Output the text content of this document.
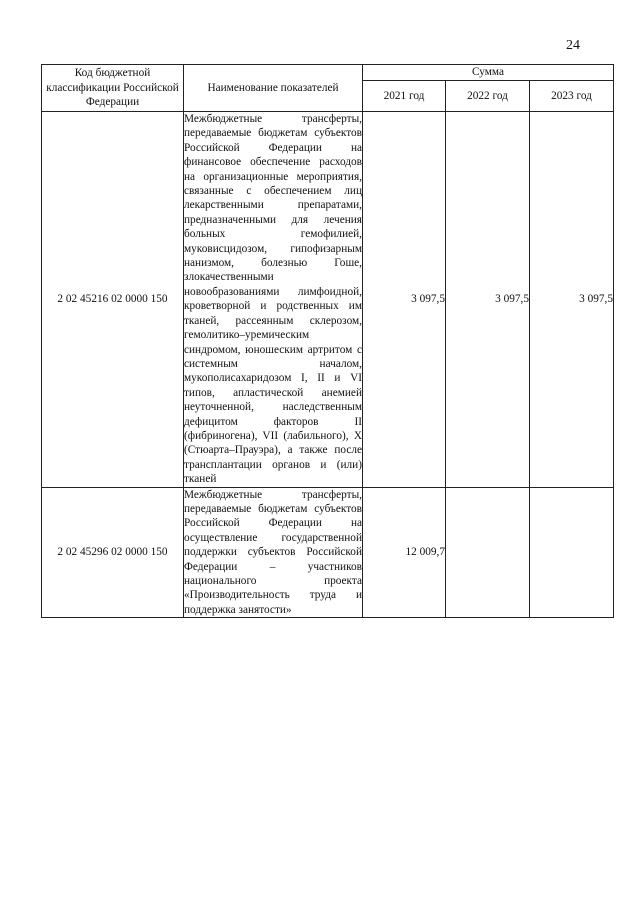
24
Код бюджетной классификации Российской Федерации	Наименование показателей	Сумма		
		2021 год	2022 год	2023 год
2 02 45216 02 0000 150	Межбюджетные трансферты, передаваемые бюджетам субъектов Российской Федерации на финансовое обеспечение расходов на организационные мероприятия, связанные с обеспечением лиц лекарственными препаратами, предназначенными для лечения больных гемофилией, муковисцидозом, гипофизарным нанизмом, болезнью Гоше, злокачественными новообразованиями лимфоидной, кроветворной и родственных им тканей, рассеянным склерозом, гемолитико–уремическим синдромом, юношеским артритом с системным началом, мукополисахаридозом I, II и VI типов, апластической анемией неуточненной, наследственным дефицитом факторов II (фибриногена), VII (лабильного), X (Стюарта–Прауэра), а также после трансплантации органов и (или) тканей	3 097,5	3 097,5	3 097,5
2 02 45296 02 0000 150	Межбюджетные трансферты, передаваемые бюджетам субъектов Российской Федерации на осуществление государственной поддержки субъектов Российской Федерации – участников национального проекта «Производительность труда и поддержка занятости»	12 009,7		
